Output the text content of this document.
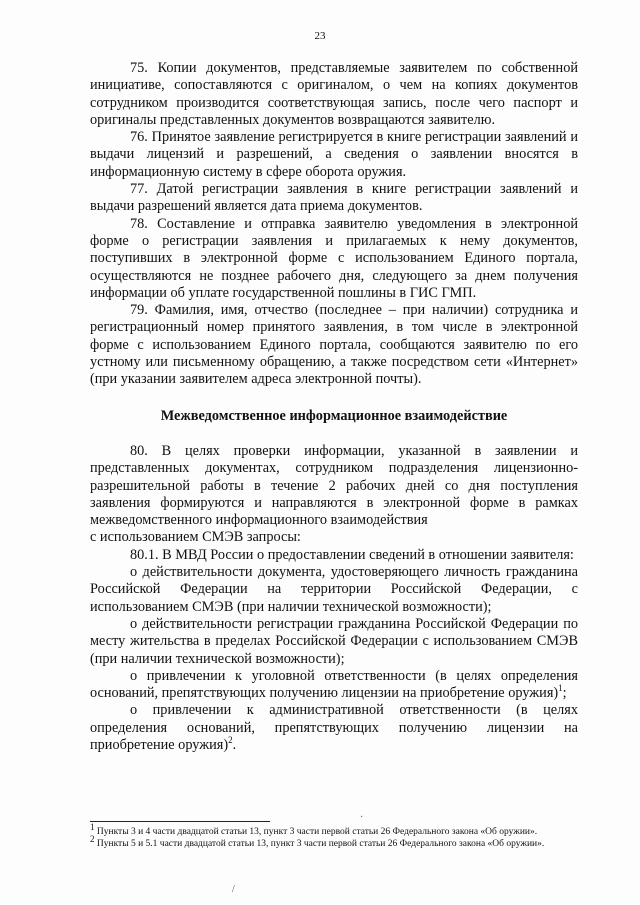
23

75. Копии документов, представляемые заявителем по собственной инициативе, сопоставляются с оригиналом, о чем на копиях документов сотрудником производится соответствующая запись, после чего паспорт и оригиналы представленных документов возвращаются заявителю.

76. Принятое заявление регистрируется в книге регистрации заявлений и выдачи лицензий и разрешений, а сведения о заявлении вносятся в информационную систему в сфере оборота оружия.

77. Датой регистрации заявления в книге регистрации заявлений и выдачи разрешений является дата приема документов.

78. Составление и отправка заявителю уведомления в электронной форме о регистрации заявления и прилагаемых к нему документов, поступивших в электронной форме с использованием Единого портала, осуществляются не позднее рабочего дня, следующего за днем получения информации об уплате государственной пошлины в ГИС ГМП.

79. Фамилия, имя, отчество (последнее – при наличии) сотрудника и регистрационный номер принятого заявления, в том числе в электронной форме с использованием Единого портала, сообщаются заявителю по его устному или письменному обращению, а также посредством сети «Интернет» (при указании заявителем адреса электронной почты).

Межведомственное информационное взаимодействие

80. В целях проверки информации, указанной в заявлении и представленных документах, сотрудником подразделения лицензионно-разрешительной работы в течение 2 рабочих дней со дня поступления заявления формируются и направляются в электронной форме в рамках межведомственного информационного взаимодействия

с использованием СМЭВ запросы:

80.1. В МВД России о предоставлении сведений в отношении заявителя:

о действительности документа, удостоверяющего личность гражданина Российской Федерации на территории Российской Федерации, с использованием СМЭВ (при наличии технической возможности);

о действительности регистрации гражданина Российской Федерации по месту жительства в пределах Российской Федерации с использованием СМЭВ (при наличии технической возможности);

о привлечении к уголовной ответственности (в целях определения оснований, препятствующих получению лицензии на приобретение оружия)$^1$;

о привлечении к административной ответственности (в целях определения оснований, препятствующих получению лицензии на приобретение оружия)$^2$.

$^1$ Пункты 3 и 4 части двадцатой статьи 13, пункт 3 части первой статьи 26 Федерального закона «Об оружии».

$^2$ Пункты 5 и 5.1 части двадцатой статьи 13, пункт 3 части первой статьи 26 Федерального закона «Об оружии».

·
/
